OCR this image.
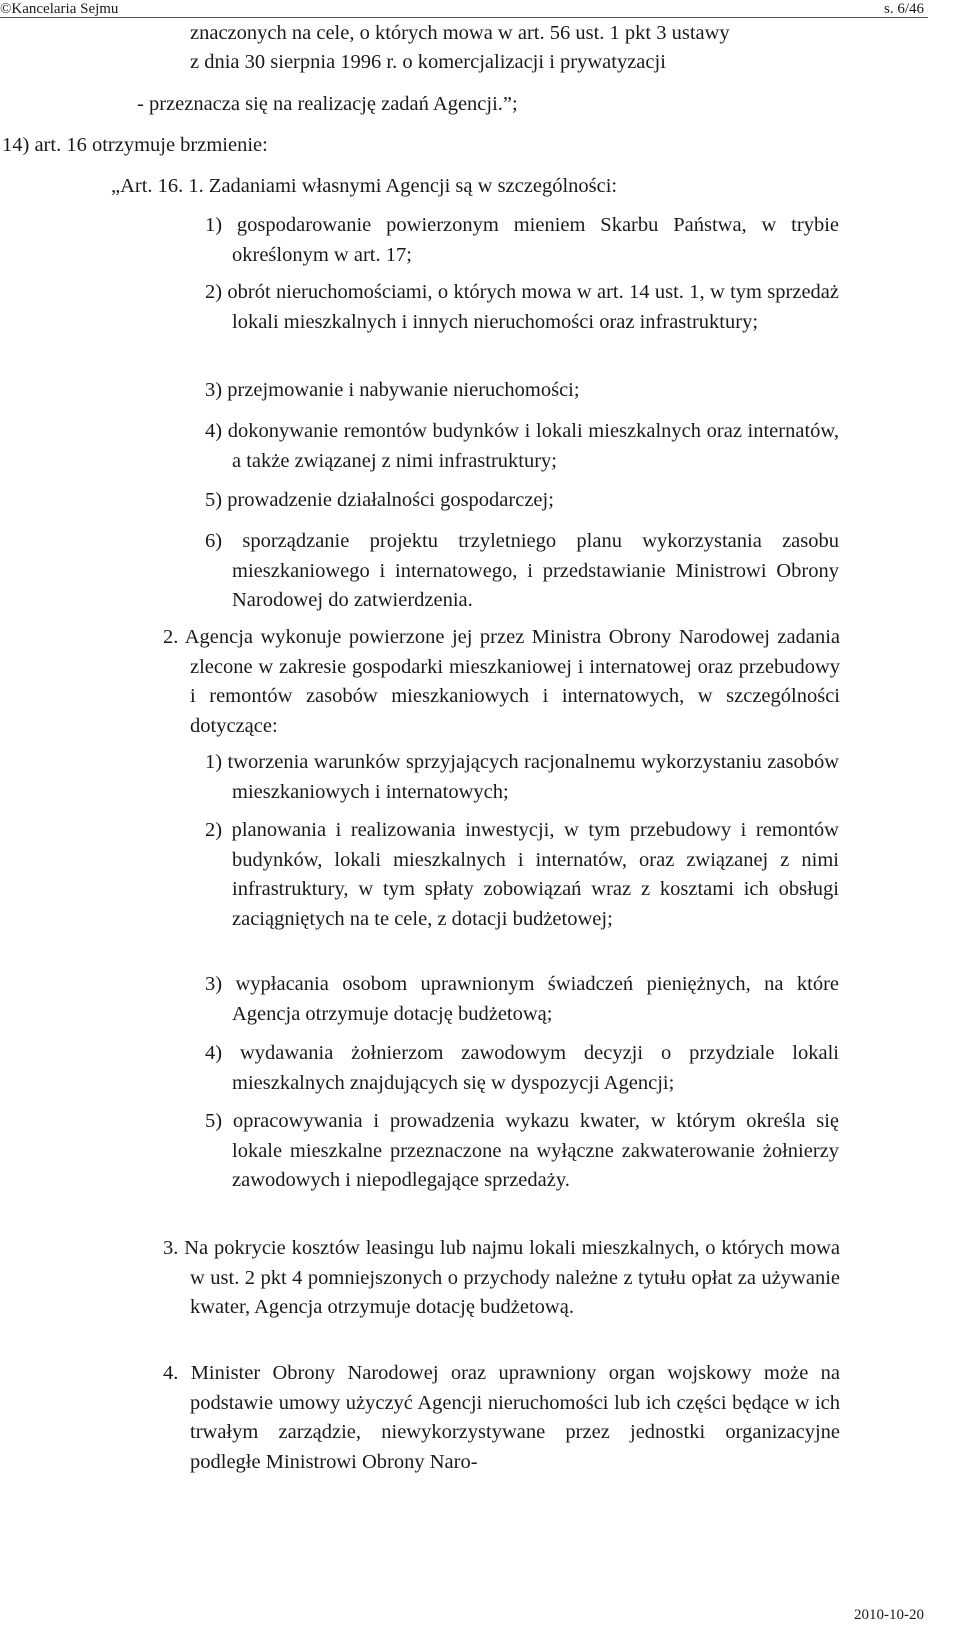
©Kancelaria Sejmu	s. 6/46
znaczonych na cele, o których mowa w art. 56 ust. 1 pkt 3 ustawy
z dnia 30 sierpnia 1996 r. o komercjalizacji i prywatyzacji
- przeznacza się na realizację zadań Agencji.”;
14) art. 16 otrzymuje brzmienie:
„Art. 16. 1. Zadaniami własnymi Agencji są w szczególności:
1) gospodarowanie powierzonym mieniem Skarbu Państwa, w trybie określonym w art. 17;
2) obrót nieruchomościami, o których mowa w art. 14 ust. 1, w tym sprzedaż lokali mieszkalnych i innych nieruchomości oraz infrastruktury;
3) przejmowanie i nabywanie nieruchomości;
4) dokonywanie remontów budynków i lokali mieszkalnych oraz internatów, a także związanej z nimi infrastruktury;
5) prowadzenie działalności gospodarczej;
6) sporządzanie projektu trzyletniego planu wykorzystania zasobu mieszkaniowego i internatowego, i przedstawianie Ministrowi Obrony Narodowej do zatwierdzenia.
2. Agencja wykonuje powierzone jej przez Ministra Obrony Narodowej zadania zlecone w zakresie gospodarki mieszkaniowej i internatowej oraz przebudowy i remontów zasobów mieszkaniowych i internatowych, w szczególności dotyczące:
1) tworzenia warunków sprzyjających racjonalnemu wykorzystaniu zasobów mieszkaniowych i internatowych;
2) planowania i realizowania inwestycji, w tym przebudowy i remontów budynków, lokali mieszkalnych i internatów, oraz związanej z nimi infrastruktury, w tym spłaty zobowiązań wraz z kosztami ich obsługi zaciągniętych na te cele, z dotacji budżetowej;
3) wypłacania osobom uprawnionym świadczeń pieniężnych, na które Agencja otrzymuje dotację budżetową;
4) wydawania żołnierzom zawodowym decyzji o przydziale lokali mieszkalnych znajdujących się w dyspozycji Agencji;
5) opracowywania i prowadzenia wykazu kwater, w którym określa się lokale mieszkalne przeznaczone na wyłączne zakwaterowanie żołnierzy zawodowych i niepodlegające sprzedaży.
3. Na pokrycie kosztów leasingu lub najmu lokali mieszkalnych, o których mowa w ust. 2 pkt 4 pomniejszonych o przychody należne z tytułu opłat za używanie kwater, Agencja otrzymuje dotację budżetową.
4. Minister Obrony Narodowej oraz uprawniony organ wojskowy może na podstawie umowy użyczyć Agencji nieruchomości lub ich części będące w ich trwałym zarządzie, niewykorzystywane przez jednostki organizacyjne podległe Ministrowi Obrony Naro-
2010-10-20
